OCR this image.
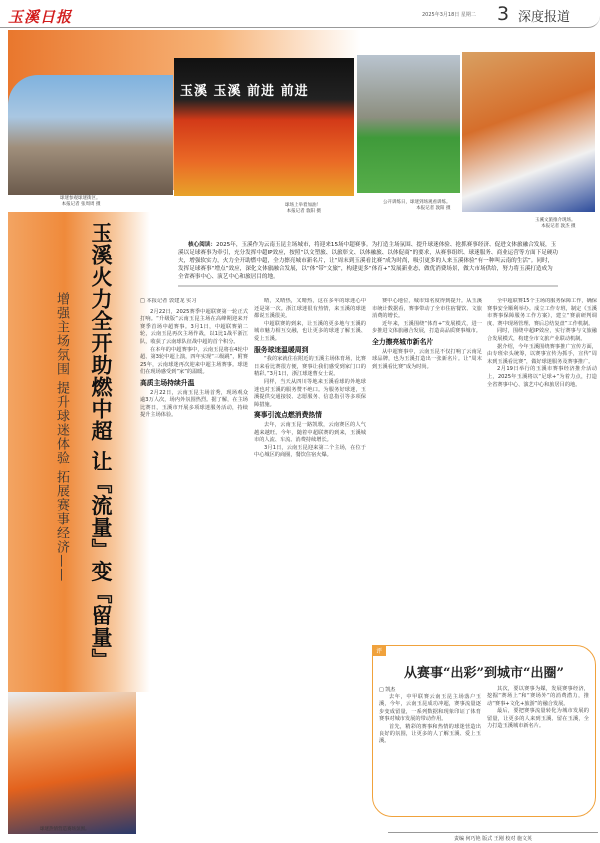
玉溪日报	2025年3月18日 星期二 3 深度报道
玉溪 玉溪 前进 前进
球迷参观球迷街区。
本报记者 张周周 摄	球场上举着加油！
本报记者 敦阳 摄
公开训练日，球迷到场观看训练。
本报记者 敦阳 摄
玉溪文旅推介现场。
本报记者 敦杰 摄
玉溪火力全开助燃中超 让『流量』变『留量』
增强主场氛围 提升球迷体验 拓展赛事经济——
球迷热情营造赛场氛围。
核心阅读：2025年，玉溪作为云南玉昆主场城市，将迎来15场中超赛事。为打造主场氛围、提升球迷体验、抢抓赛事经济、促进文体旅融合发展，玉溪以足球赛事为牵引，充分发挥中超IP效应，按照“以文塑旅、以旅彰文、以体融旅、以体促商”的要求，从赛事组织、球迷服务、商业运营等方面下足硬功夫，增强软实力，火力全开助燃中超，全力擦亮城市新名片，让“周末到玉溪看比赛”成为时尚，吸引更多的人来玉溪体验“有一种叫云南的生活”。同时，发挥足球赛事“增点”效应，深化文体旅融合发展，以“体”带“文旅”，构建更多“体育+”发展新业态，做优消费场景，做大市场供给，努力将玉溪打造成为全省赛事中心、演艺中心和旅居目的地。
□ 本报记者 敦建龙 实习

2月22日，2025赛季中超联赛第一轮正式打响。“升级版”云南玉昆主场在高峰期迎来开赛季首场中超赛事。3月1日，中超联赛第二轮，云南玉昆再次主场作战，以1比1战平浙江队，收获了云南球队征战中超的首个积分。

在本年的中超赛事中，云南玉昆将在4轮中超、第3轮中超上演，四年实现“三级跳”，附赛25年，云南球迷再次迎来中超主场赛事。球迷们在现场感受到“家”的温暖。

高质主场持续升温

2月22日，云南玉昆主场首秀，现场观众逾3万人次，场内外氛围热烈。据了解，在主场比赛日，玉溪市开展多项球迷服务活动，持续提升主场体验。

晴，又晴热，又晴热，这在多年的球迷心中还是第一次。浙江球迷很有热情，来玉溪的球迷都说玉溪很美。

中超联赛的到来，让玉溪的更多地与玉溪的城市魅力相互交融，也让更多的球迷了解玉溪、爱上玉溪。

服务球迷温暖周到

“我的家就住在附近的玉溪主场体育场，比赛日来看比赛很方便，赛事让我们感受到家门口的精彩。”3月1日，浙江球迷曹女士说。

同样，当天从四川等地来玉溪看球的外地球迷也对玉溪的服务赞不绝口。为服务好球迷，玉溪提供交通接驳、志愿服务、信息指引等多项保障措施。

赛事引流点燃消费热情

去年，云南玉昆一路凯歌，云南赛区的人气越来越旺。今年，随着中超联赛的到来，玉溪城市的人流、车流、消费持续增长。

3月1日，云南玉昆迎来第二个主场，在位于中心城区的商圈，餐饮住宿火爆。

赛中心地位，城市知名度得到提升。从玉溪市统计数据看，赛事带动了全市住宿餐饮、文旅消费的增长。

近年来，玉溪围绕“体育+”发展模式，进一步推进文体旅融合发展，打造高品质赛事城市。

全力擦亮城市新名片

从中超赛事中，云南玉昆不仅打响了云南足球品牌，也为玉溪打造出一张新名片。让“周末到玉溪看比赛”成为时尚。

全中超联赛15个主场的服务保障工作，确保赛事安全顺利举办。成立工作专班，制定《玉溪市赛事保障服务工作方案》，建立“赛前研判调度、赛中现场管理、赛后总结复盘”工作机制。

同时，围绕中超IP效应，实行赛事与文旅融合发展模式，构建全市文旅产业联动机制。

据介绍，今年玉溪围绕赛事推广宣传方面，由专班牵头统筹，以赛事宣传为抓手，宣传“周末到玉溪看比赛”，做好球迷服务及赛事推广。

2月19日举行的玉溪市赛事经济推介活动上，2025年玉溪将以“足球+”为着力点，打造全省赛事中心、演艺中心和旅居目的地。

评
从赛事“出彩”到城市“出圈”
□ 凯杰

去年，中甲联赛云南玉昆主场落户玉溪，今年，云南玉昆成功冲超，赛事流量逐步变成留量，一系列数据和现象印证了体育赛事对城市发展的带动作用。

首先，精彩的赛事和热情的球迷营造出良好的氛围，让更多的人了解玉溪、爱上玉溪。

其次，要以赛事为媒，发展赛事经济，挖掘“赛场上”和“赛场外”的消费潜力，推动“赛事+文化+旅游”的融合发展。

最后，要把赛事流量转化为城市发展的留量，让更多的人来到玉溪、留在玉溪，全力打造玉溪城市新名片。

责编 何巧艳 版式 王刚 校对 施文英
